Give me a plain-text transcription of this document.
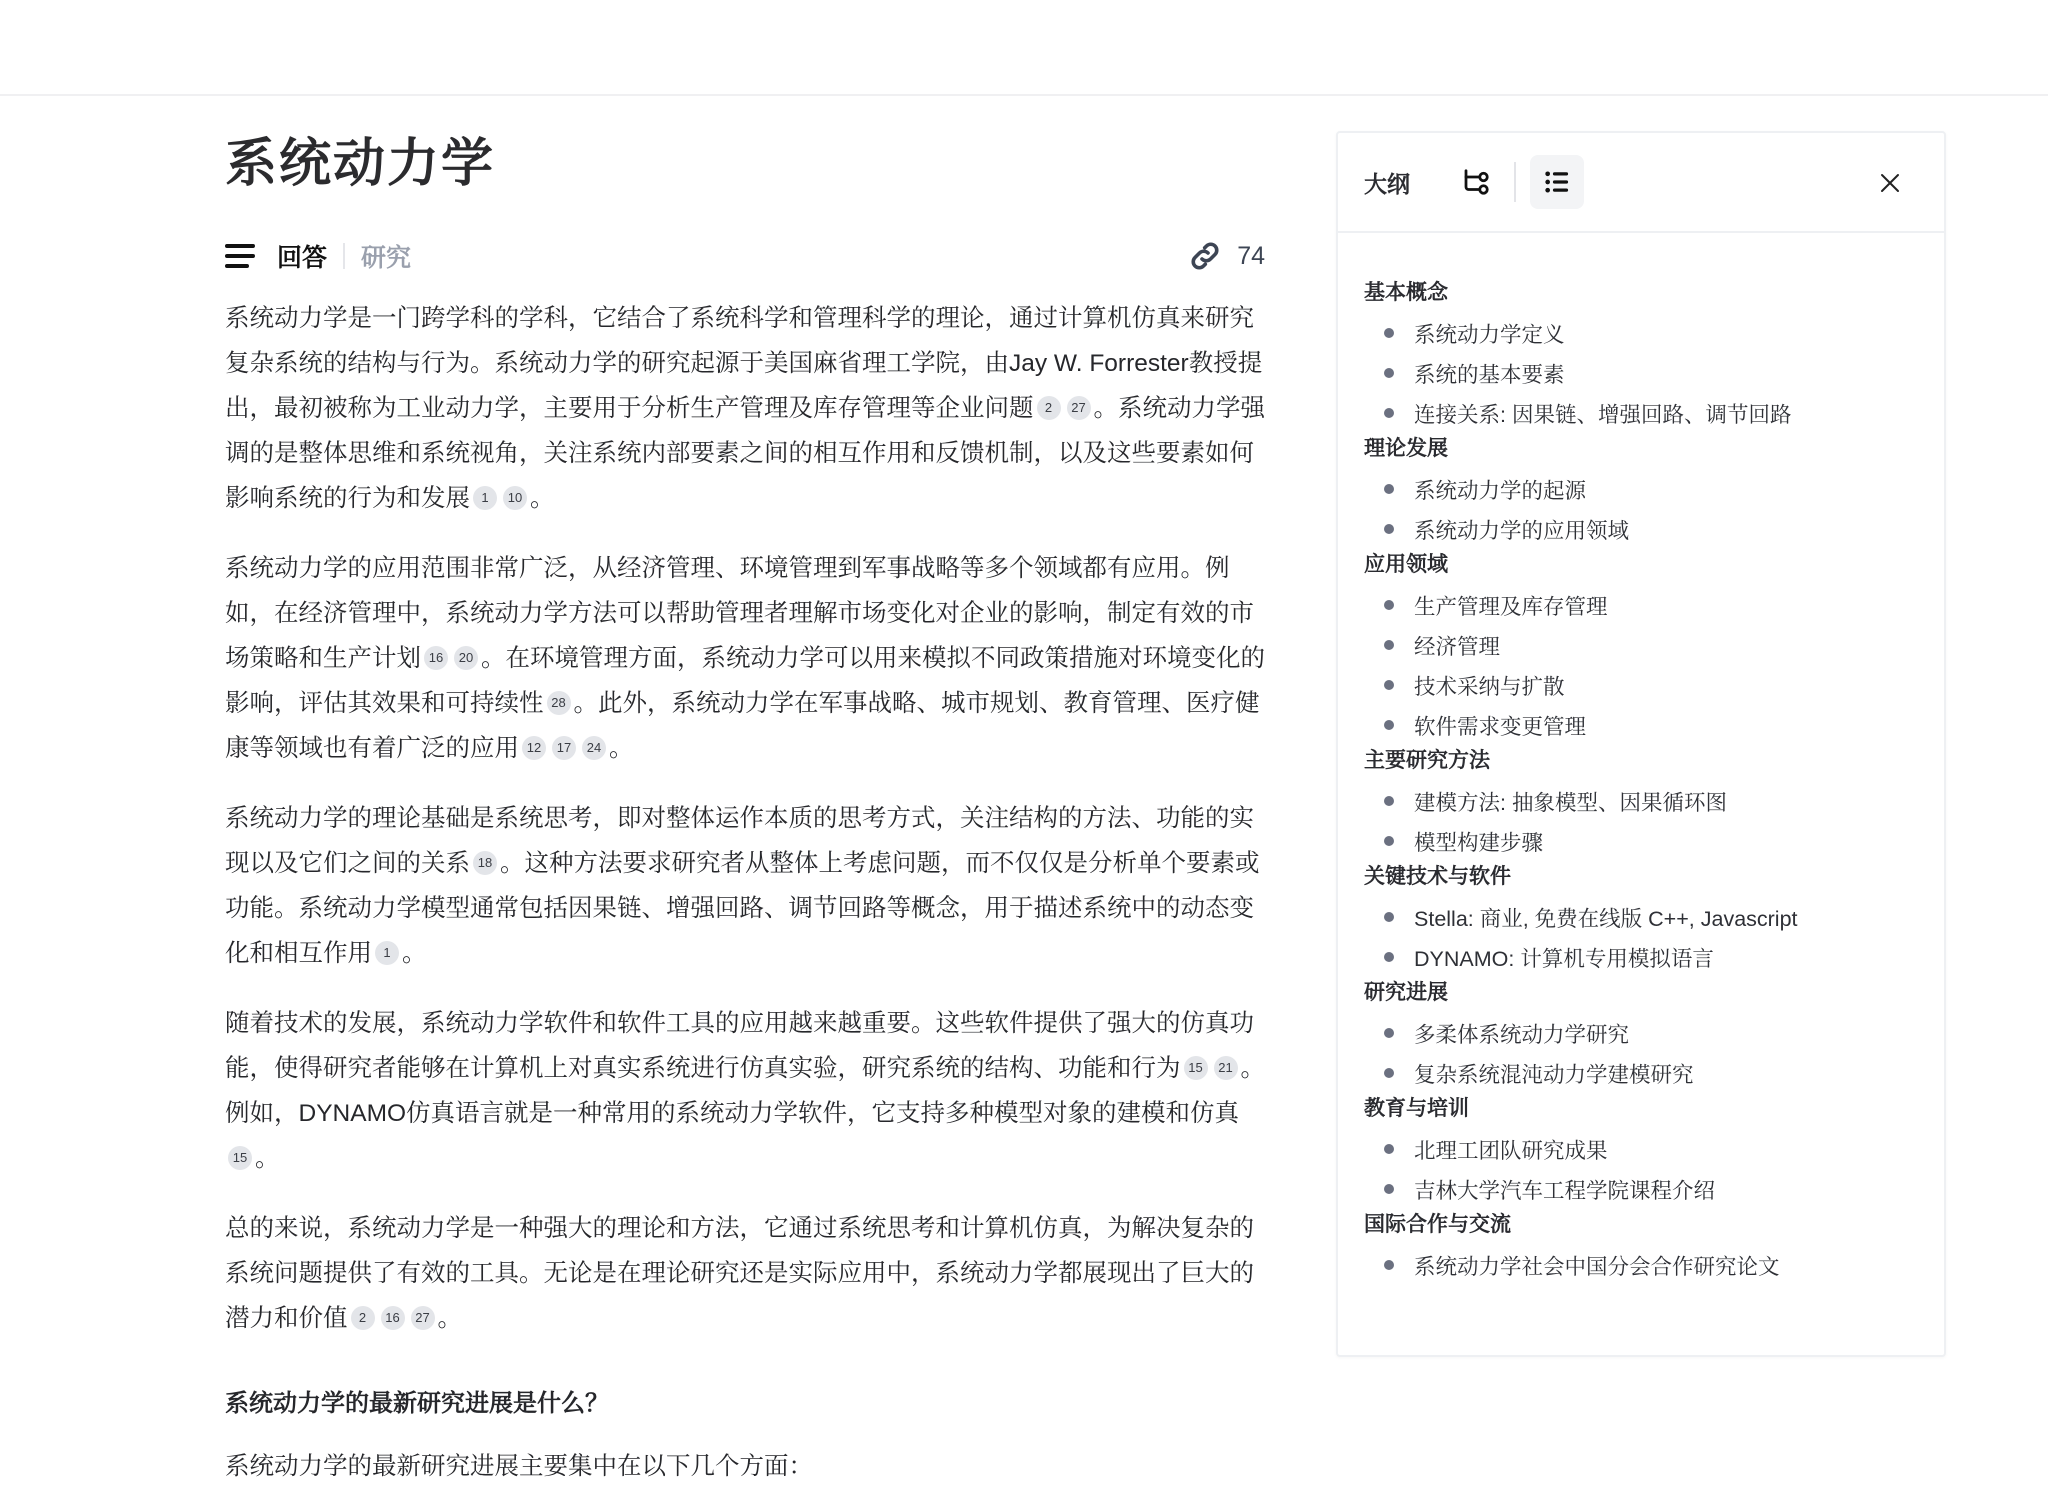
系统动力学
回答 研究	74

系统动力学是一门跨学科的学科，它结合了系统科学和管理科学的理论，通过计算机仿真来研究复杂系统的结构与行为。系统动力学的研究起源于美国麻省理工学院，由Jay W. Forrester教授提出，最初被称为工业动力学，主要用于分析生产管理及库存管理等企业问题 2 27 。系统动力学强调的是整体思维和系统视角，关注系统内部要素之间的相互作用和反馈机制，以及这些要素如何影响系统的行为和发展 1 10 。

系统动力学的应用范围非常广泛，从经济管理、环境管理到军事战略等多个领域都有应用。例如，在经济管理中，系统动力学方法可以帮助管理者理解市场变化对企业的影响，制定有效的市场策略和生产计划 16 20 。在环境管理方面，系统动力学可以用来模拟不同政策措施对环境变化的影响，评估其效果和可持续性 28 。此外，系统动力学在军事战略、城市规划、教育管理、医疗健康等领域也有着广泛的应用 12 17 24 。

系统动力学的理论基础是系统思考，即对整体运作本质的思考方式，关注结构的方法、功能的实现以及它们之间的关系 18 。这种方法要求研究者从整体上考虑问题，而不仅仅是分析单个要素或功能。系统动力学模型通常包括因果链、增强回路、调节回路等概念，用于描述系统中的动态变化和相互作用 1 。

随着技术的发展，系统动力学软件和软件工具的应用越来越重要。这些软件提供了强大的仿真功能，使得研究者能够在计算机上对真实系统进行仿真实验，研究系统的结构、功能和行为 15 21 。例如，DYNAMO仿真语言就是一种常用的系统动力学软件，它支持多种模型对象的建模和仿真15 。

总的来说，系统动力学是一种强大的理论和方法，它通过系统思考和计算机仿真，为解决复杂的系统问题提供了有效的工具。无论是在理论研究还是实际应用中，系统动力学都展现出了巨大的潜力和价值 2 16 27 。

系统动力学的最新研究进展是什么？
系统动力学的最新研究进展主要集中在以下几个方面：
大纲
基本概念
系统动力学定义
系统的基本要素
连接关系: 因果链、增强回路、调节回路
理论发展
系统动力学的起源
系统动力学的应用领域
应用领域
生产管理及库存管理
经济管理
技术采纳与扩散
软件需求变更管理
主要研究方法
建模方法: 抽象模型、因果循环图
模型构建步骤
关键技术与软件
Stella: 商业, 免费在线版 C++, Javascript
DYNAMO: 计算机专用模拟语言
研究进展
多柔体系统动力学研究
复杂系统混沌动力学建模研究
教育与培训
北理工团队研究成果
吉林大学汽车工程学院课程介绍
国际合作与交流
系统动力学社会中国分会合作研究论文
